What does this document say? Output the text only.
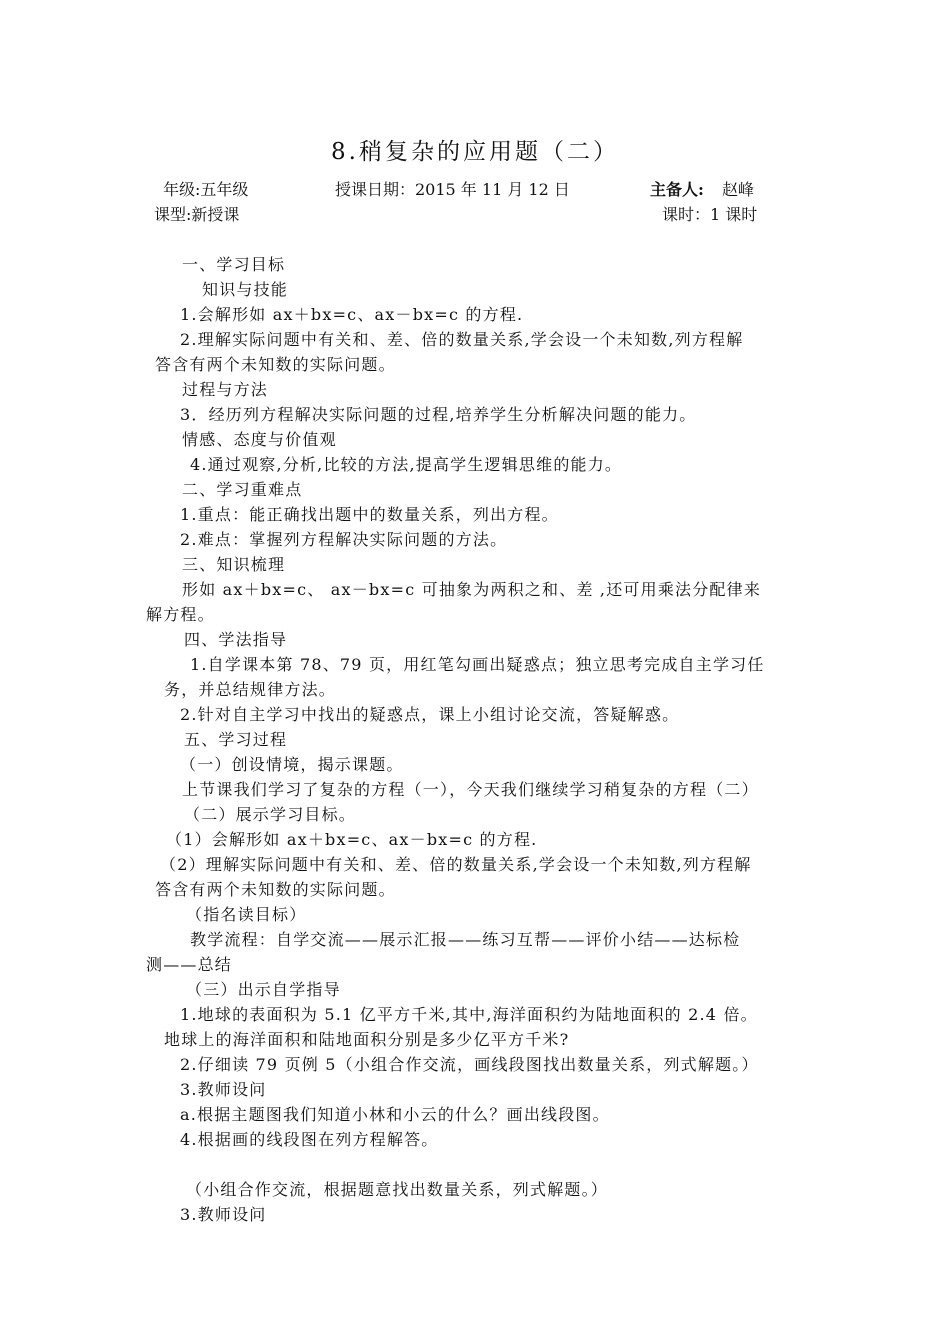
8.稍复杂的应用题（二）
年级:五年级	授课日期：2015 年 11 月 12 日	主备人: 赵峰
课型:新授课	课时：1 课时
一、学习目标
知识与技能
1.会解形如 ax＋bx=c、ax－bx=c 的方程.
2.理解实际问题中有关和、差、倍的数量关系,学会设一个未知数,列方程解
答含有两个未知数的实际问题。
过程与方法
3．经历列方程解决实际问题的过程,培养学生分析解决问题的能力。
情感、态度与价值观
4.通过观察,分析,比较的方法,提高学生逻辑思维的能力。
二、学习重难点
1.重点：能正确找出题中的数量关系，列出方程。
2.难点：掌握列方程解决实际问题的方法。
三、知识梳理
形如 ax＋bx=c、 ax－bx=c 可抽象为两积之和、差 ,还可用乘法分配律来
解方程。
四、学法指导
1.自学课本第 78、79 页，用红笔勾画出疑惑点；独立思考完成自主学习任
务，并总结规律方法。
2.针对自主学习中找出的疑惑点，课上小组讨论交流，答疑解惑。
五、学习过程
（一）创设情境，揭示课题。
上节课我们学习了复杂的方程（一），今天我们继续学习稍复杂的方程（二）
（二）展示学习目标。
（1）会解形如 ax＋bx=c、ax－bx=c 的方程.
（2）理解实际问题中有关和、差、倍的数量关系,学会设一个未知数,列方程解
答含有两个未知数的实际问题。
（指名读目标）
教学流程：自学交流——展示汇报——练习互帮——评价小结——达标检
测——总结
（三）出示自学指导
1.地球的表面积为 5.1 亿平方千米,其中,海洋面积约为陆地面积的 2.4 倍。
地球上的海洋面积和陆地面积分别是多少亿平方千米?
2.仔细读 79 页例 5（小组合作交流，画线段图找出数量关系，列式解题。）
3.教师设问
a.根据主题图我们知道小林和小云的什么？画出线段图。
4.根据画的线段图在列方程解答。
（小组合作交流，根据题意找出数量关系，列式解题。）
3.教师设问
